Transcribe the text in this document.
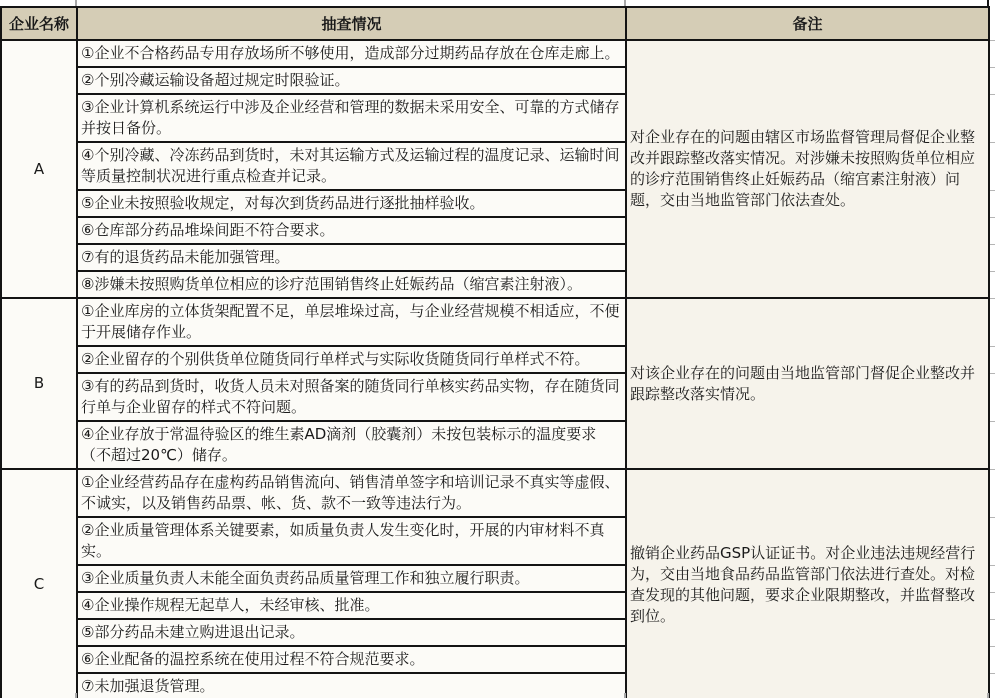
企业名称	抽查情况	备注	
A	①企业不合格药品专用存放场所不够使用，造成部分过期药品存放在仓库走廊上。	对企业存在的问题由辖区市场监督管理局督促企业整改并跟踪整改落实情况。对涉嫌未按照购货单位相应的诊疗范围销售终止妊娠药品（缩宫素注射液）问题，交由当地监管部门依法查处。	
	②个别冷藏运输设备超过规定时限验证。		
	③企业计算机系统运行中涉及企业经营和管理的数据未采用安全、可靠的方式储存并按日备份。		
	④个别冷藏、冷冻药品到货时，未对其运输方式及运输过程的温度记录、运输时间等质量控制状况进行重点检查并记录。		
	⑤企业未按照验收规定，对每次到货药品进行逐批抽样验收。		
	⑥仓库部分药品堆垛间距不符合要求。		
	⑦有的退货药品未能加强管理。		
	⑧涉嫌未按照购货单位相应的诊疗范围销售终止妊娠药品（缩宫素注射液）。		
B	①企业库房的立体货架配置不足，单层堆垛过高，与企业经营规模不相适应，不便于开展储存作业。	对该企业存在的问题由当地监管部门督促企业整改并跟踪整改落实情况。	
	②企业留存的个别供货单位随货同行单样式与实际收货随货同行单样式不符。		
	③有的药品到货时，收货人员未对照备案的随货同行单核实药品实物，存在随货同行单与企业留存的样式不符问题。		
	④企业存放于常温待验区的维生素AD滴剂（胶囊剂）未按包装标示的温度要求（不超过20℃）储存。		
C	①企业经营药品存在虚构药品销售流向、销售清单签字和培训记录不真实等虚假、不诚实，以及销售药品票、帐、货、款不一致等违法行为。	撤销企业药品GSP认证证书。对企业违法违规经营行为，交由当地食品药品监管部门依法进行查处。对检查发现的其他问题，要求企业限期整改，并监督整改到位。	
	②企业质量管理体系关键要素，如质量负责人发生变化时，开展的内审材料不真实。		
	③企业质量负责人未能全面负责药品质量管理工作和独立履行职责。		
	④企业操作规程无起草人，未经审核、批准。		
	⑤部分药品未建立购进退出记录。		
	⑥企业配备的温控系统在使用过程不符合规范要求。		
	⑦未加强退货管理。		
